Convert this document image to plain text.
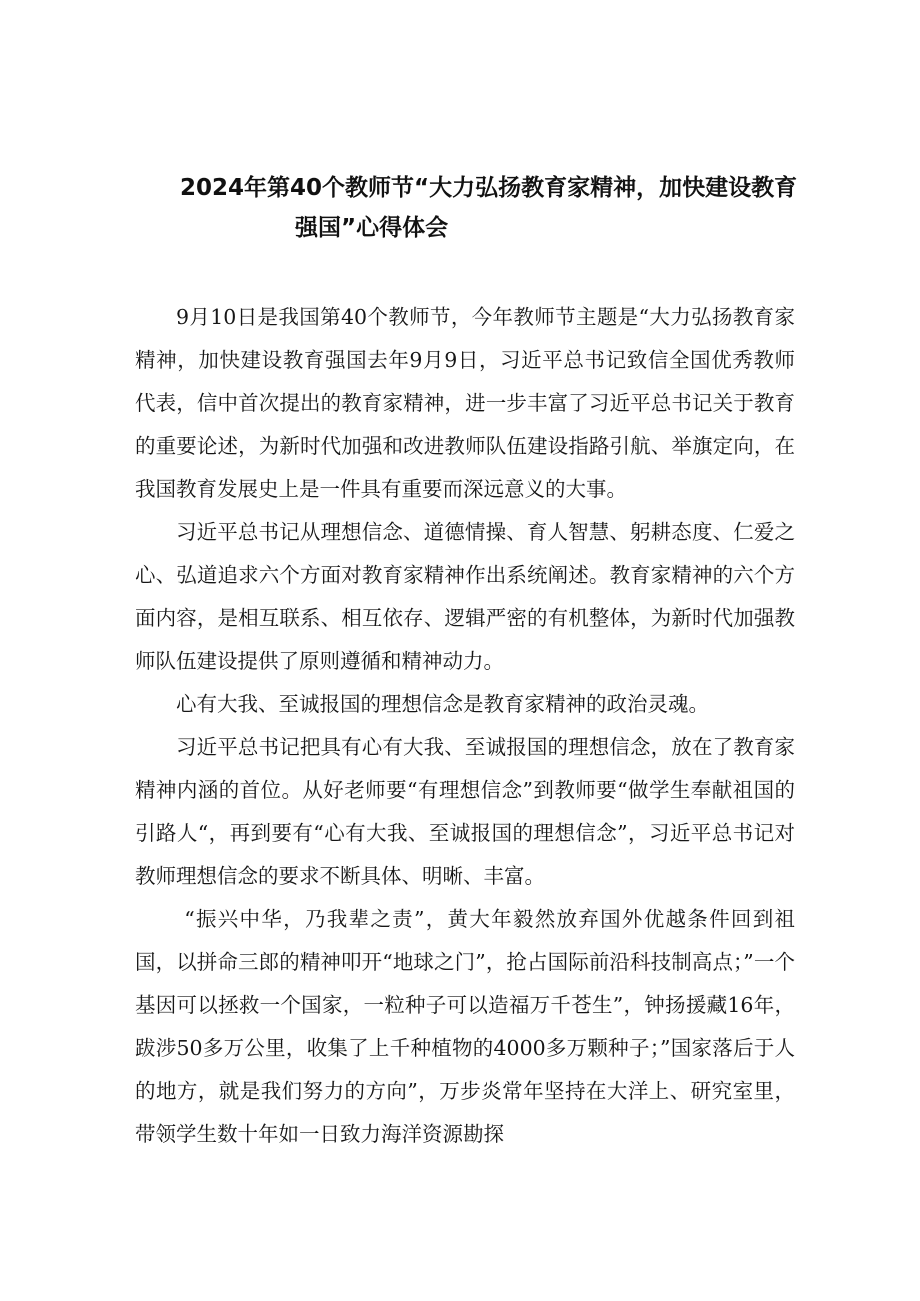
2024年第40个教师节“大力弘扬教育家精神，加快建设教育
强国”心得体会

9月10日是我国第40个教师节，今年教师节主题是“大力弘扬教育家精神，加快建设教育强国去年9月9日，习近平总书记致信全国优秀教师代表，信中首次提出的教育家精神，进一步丰富了习近平总书记关于教育的重要论述，为新时代加强和改进教师队伍建设指路引航、举旗定向，在我国教育发展史上是一件具有重要而深远意义的大事。

习近平总书记从理想信念、道德情操、育人智慧、躬耕态度、仁爱之心、弘道追求六个方面对教育家精神作出系统阐述。教育家精神的六个方面内容，是相互联系、相互依存、逻辑严密的有机整体，为新时代加强教师队伍建设提供了原则遵循和精神动力。

心有大我、至诚报国的理想信念是教育家精神的政治灵魂。

习近平总书记把具有心有大我、至诚报国的理想信念，放在了教育家精神内涵的首位。从好老师要“有理想信念”到教师要“做学生奉献祖国的引路人“，再到要有“心有大我、至诚报国的理想信念”，习近平总书记对教师理想信念的要求不断具体、明晰、丰富。

“振兴中华，乃我辈之责”，黄大年毅然放弃国外优越条件回到祖国，以拼命三郎的精神叩开“地球之门”，抢占国际前沿科技制高点；”一个基因可以拯救一个国家，一粒种子可以造福万千苍生”，钟扬援藏16年，跋涉50多万公里，收集了上千种植物的4000多万颗种子；”国家落后于人的地方，就是我们努力的方向”，万步炎常年坚持在大洋上、研究室里，带领学生数十年如一日致力海洋资源勘探
